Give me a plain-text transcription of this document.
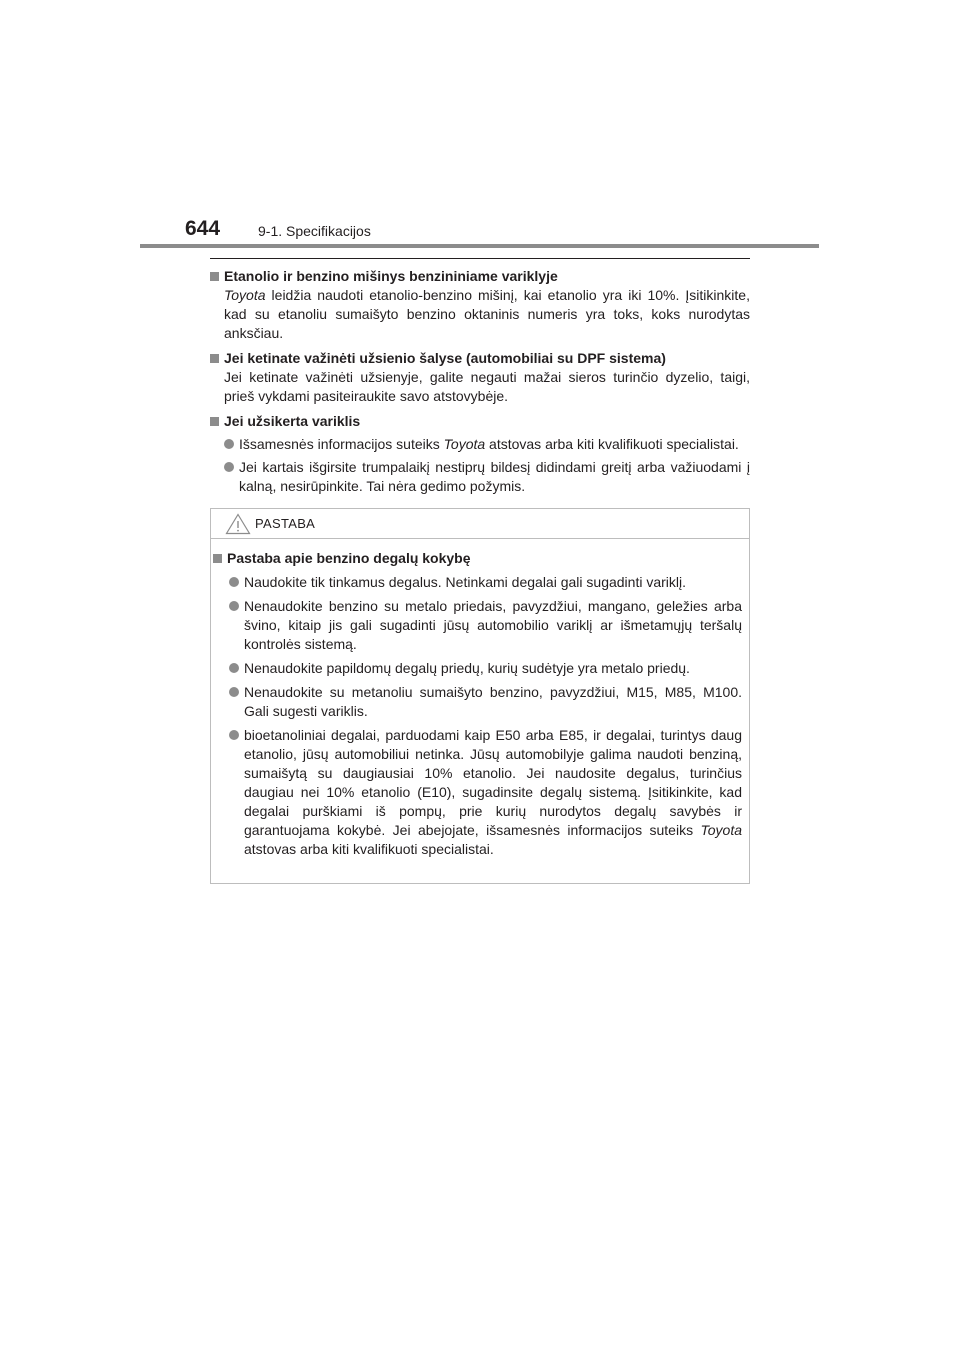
644	9-1. Specifikacijos
Etanolio ir benzino mišinys benzininiame variklyje
Toyota leidžia naudoti etanolio-benzino mišinį, kai etanolio yra iki 10%. Įsitikinkite, kad su etanoliu sumaišyto benzino oktaninis numeris yra toks, koks nurodytas anksčiau.
Jei ketinate važinėti užsienio šalyse (automobiliai su DPF sistema)
Jei ketinate važinėti užsienyje, galite negauti mažai sieros turinčio dyzelio, taigi, prieš vykdami pasiteiraukite savo atstovybėje.
Jei užsikerta variklis
Išsamesnės informacijos suteiks Toyota atstovas arba kiti kvalifikuoti specialistai.
Jei kartais išgirsite trumpalaikį nestiprų bildesį didindami greitį arba važiuodami į kalną, nesirūpinkite. Tai nėra gedimo požymis.
PASTABA
Pastaba apie benzino degalų kokybę
Naudokite tik tinkamus degalus. Netinkami degalai gali sugadinti variklį.
Nenaudokite benzino su metalo priedais, pavyzdžiui, mangano, geležies arba švino, kitaip jis gali sugadinti jūsų automobilio variklį ar išmetamųjų teršalų kontrolės sistemą.
Nenaudokite papildomų degalų priedų, kurių sudėtyje yra metalo priedų.
Nenaudokite su metanoliu sumaišyto benzino, pavyzdžiui, M15, M85, M100. Gali sugesti variklis.
bioetanoliniai degalai, parduodami kaip E50 arba E85, ir degalai, turintys daug etanolio, jūsų automobiliui netinka. Jūsų automobilyje galima naudoti benziną, sumaišytą su daugiausiai 10% etanolio. Jei naudosite degalus, turinčius daugiau nei 10% etanolio (E10), sugadinsite degalų sistemą. Įsitikinkite, kad degalai purškiami iš pompų, prie kurių nurodytos degalų savybės ir garantuojama kokybė. Jei abejojate, išsamesnės informacijos suteiks Toyota atstovas arba kiti kvalifikuoti specialistai.
